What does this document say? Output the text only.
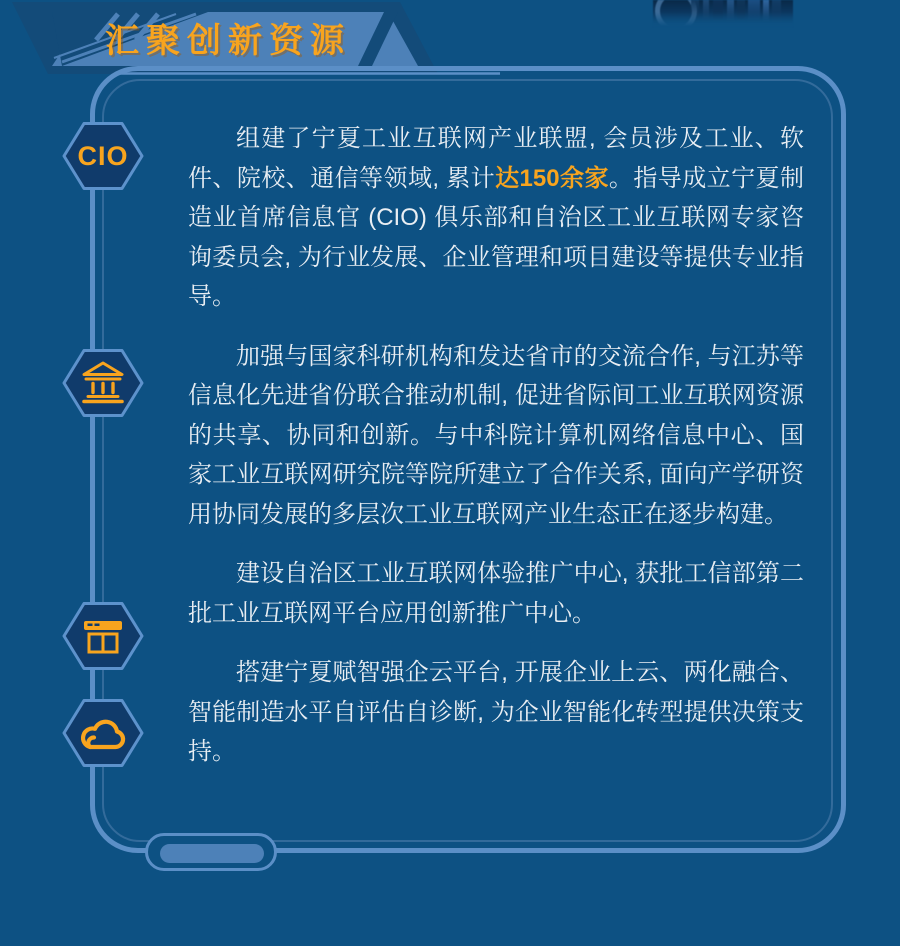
汇聚创新资源
CIO

组建了宁夏工业互联网产业联盟, 会员涉及工业、软件、院校、通信等领域, 累计达150余家。指导成立宁夏制造业首席信息官 (CIO) 俱乐部和自治区工业互联网专家咨询委员会, 为行业发展、企业管理和项目建设等提供专业指导。

加强与国家科研机构和发达省市的交流合作, 与江苏等信息化先进省份联合推动机制, 促进省际间工业互联网资源的共享、协同和创新。与中科院计算机网络信息中心、国家工业互联网研究院等院所建立了合作关系, 面向产学研资用协同发展的多层次工业互联网产业生态正在逐步构建。

建设自治区工业互联网体验推广中心, 获批工信部第二批工业互联网平台应用创新推广中心。

搭建宁夏赋智强企云平台, 开展企业上云、两化融合、智能制造水平自评估自诊断, 为企业智能化转型提供决策支持。
